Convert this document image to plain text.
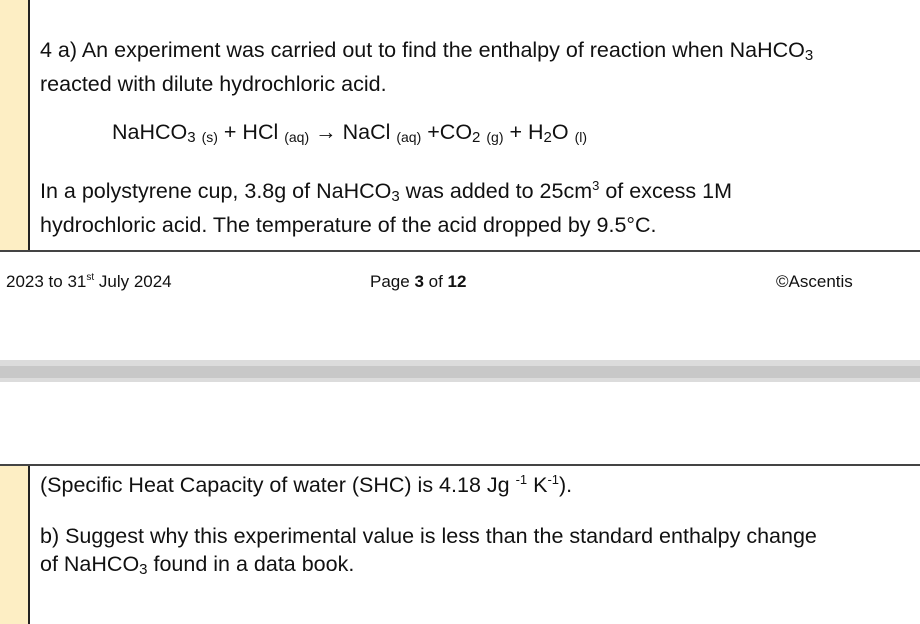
4 a) An experiment was carried out to find the enthalpy of reaction when NaHCO$_3$
reacted with dilute hydrochloric acid.
NaHCO$_3$ (s) + HCl (aq) → NaCl $(aq) +CO_2$ $(g) + H_2O$ (l)
In a polystyrene cup, 3.8g of NaHCO$_3$ was added to $25cm^3$ of excess 1M
hydrochloric acid. The temperature of the acid dropped by 9.5°C.
2023 to 31st July 2024	Page 3 of 12	©Ascentis
(Specific Heat Capacity of water (SHC) is 4.18 Jg $^{-1}$ $K^{-1}$).
b) Suggest why this experimental value is less than the standard enthalpy change
of NaHCO$_3$ found in a data book.
